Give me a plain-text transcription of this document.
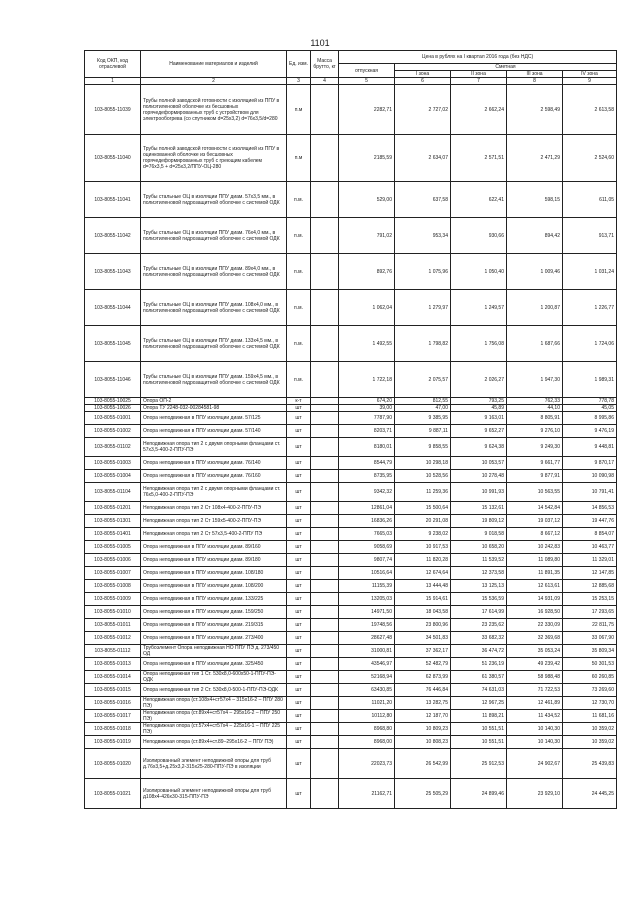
1101
Код ОКП, код отраслевой	Наименование материалов и изделий	Ед. изм.	Масса брутто, кг	Цена в рублях на I квартал 2016 года (без НДС)				
				отпускная	Сметная			
					I зона	II зона	III зона	IV зона
1	2	3	4	5	6	7	8	9
103-8055-11039	Трубы полной заводской готовности с изоляцией из ППУ в полиэтиленовой оболочке из бесшовных горячедеформированных труб с устройством для электрообогрева (со спутником d=25х3,2) d=76х3,5/d=280	п.м		2282,71	2 727,02	2 662,24	2 598,49	2 613,58
103-8055-11040	Трубы полной заводской готовности с изоляцией из ППУ в оцинкованной оболочке из бесшовных горячедеформированных труб с греющим кабелем d=76х3,5 + d=25х3,2/ППУ-ОЦ-280	п.м		2185,59	2 634,07	2 571,51	2 471,29	2 524,60
103-8055-11041	Трубы стальные ОЦ в изоляции ППУ диам. 57х3,5 мм., в полиэтиленовой гидрозащитной оболочке с системой ОДК	п.м.		529,00	637,58	622,41	598,15	611,05
103-8055-11042	Трубы стальные ОЦ в изоляции ППУ диам. 76х4,0 мм., в полиэтиленовой гидрозащитной оболочке с системой ОДК	п.м.		791,02	953,34	930,66	894,42	913,71
103-8055-11043	Трубы стальные ОЦ в изоляции ППУ диам. 89х4,0 мм., в полиэтиленовой гидрозащитной оболочке с системой ОДК	п.м.		892,76	1 075,96	1 050,40	1 009,46	1 031,24
103-8055-11044	Трубы стальные ОЦ в изоляции ППУ диам. 108х4,0 мм., в полиэтиленовой гидрозащитной оболочке с системой ОДК	п.м.		1 062,04	1 279,97	1 249,57	1 200,87	1 226,77
103-8055-11045	Трубы стальные ОЦ в изоляции ППУ диам. 133х4,5 мм., в полиэтиленовой гидрозащитной оболочке с системой ОДК	п.м.		1 492,55	1 798,82	1 756,08	1 687,66	1 724,06
103-8055-11046	Трубы стальные ОЦ в изоляции ППУ диам. 159х4,5 мм., в полиэтиленовой гидрозащитной оболочке с системой ОДК	п.м.		1 722,18	2 075,57	2 026,27	1 947,30	1 989,31
103-8055-10025	Опора ОП-2	к-т		674,20	812,55	793,25	762,33	778,78
103-8055-10026	Опора ТУ 2248-032-00284581-98	шт		39,00	47,00	45,89	44,10	45,05
103-8055-01001	Опора неподвижная в ППУ изоляции диам. 57/125	шт		7787,90	9 385,95	9 163,01	8 805,91	8 995,86
103-8055-01002	Опора неподвижная в ППУ изоляции диам. 57/140	шт		8203,71	9 887,11	9 652,27	9 276,10	9 476,19
103-8055-01102	Неподвижная опора тип 2 с двумя опорными фланцами ст. 57х3,5-400-2-ППУ-ПЭ	шт		8180,01	9 858,55	9 624,38	9 249,30	9 448,81
103-8055-01003	Опора неподвижная в ППУ изоляции диам. 76/140	шт		8544,79	10 298,18	10 053,57	9 661,77	9 870,17
103-8055-01004	Опора неподвижная в ППУ изоляции диам. 76/160	шт		8735,95	10 528,56	10 278,48	9 877,91	10 090,98
103-8055-01104	Неподвижная опора тип 2 с двумя опорными фланцами ст. 76х5,0-400-2-ППУ-ПЭ	шт		9342,32	11 259,36	10 991,93	10 563,55	10 791,41
103-8055-01201	Неподвижная опора тип 2 Ст 108х4-400-2-ППУ-ПЭ	шт		12861,04	15 500,64	15 132,61	14 542,84	14 856,53
103-8055-01301	Неподвижная опора тип 2 Ст 159х5-400-2-ППУ-ПЭ	шт		16836,26	20 291,08	19 809,12	19 037,12	19 447,76
103-8055-01401	Неподвижная опора тип 2 Ст 57х3,5-400-2-ППУ ПЭ	шт		7665,03	9 238,02	9 018,58	8 667,12	8 854,07
103-8055-01005	Опора неподвижная в ППУ изоляции диам. 89/160	шт		9058,69	10 917,53	10 658,20	10 242,83	10 463,77
103-8055-01006	Опора неподвижная в ППУ изоляции диам. 89/180	шт		9807,74	11 820,28	11 539,52	11 089,80	11 329,01
103-8055-01007	Опора неподвижная в ППУ изоляции диам. 108/180	шт		10516,64	12 674,64	12 373,58	11 891,35	12 147,85
103-8055-01008	Опора неподвижная в ППУ изоляции диам. 108/200	шт		11155,39	13 444,48	13 125,13	12 613,61	12 885,68
103-8055-01009	Опора неподвижная в ППУ изоляции диам. 133/225	шт		13205,03	15 914,61	15 536,59	14 931,09	15 253,15
103-8055-01010	Опора неподвижная в ППУ изоляции диам. 159/250	шт		14971,50	18 043,58	17 614,99	16 928,50	17 293,65
103-8055-01011	Опора неподвижная в ППУ изоляции диам. 219/315	шт		19748,56	23 800,96	23 235,62	22 330,09	22 811,75
103-8055-01012	Опора неподвижная в ППУ изоляции диам. 273/400	шт		28627,48	34 501,83	33 682,32	32 369,68	33 067,90
103-8055-01112	Трубоэлемент Опора неподвижная НО ППУ ПЭ д. 273/450 ОД	шт		31000,81	37 362,17	36 474,72	35 053,24	35 809,34
103-8055-01013	Опора неподвижная в ППУ изоляции диам. 325/450	шт		43546,97	52 482,79	51 236,19	49 239,42	50 301,53
103-8055-01014	Опора неподвижная тип 1 Ст. 530х8,0-600х50-1-ППУ-ПЭ-ОДК	шт		52168,94	62 873,99	61 380,57	58 988,48	60 260,85
103-8055-01015	Опора неподвижная тип 2 Ст. 530х8,0-500-1-ППУ-ПЭ-ОДК	шт		63430,85	76 446,84	74 631,03	71 722,53	73 269,60
103-8055-01016	Неподвижная опора (ст.108х4+ст57х4 – 315х16-2 – ППУ 280 ПЭ)	шт		11021,20	13 282,75	12 967,25	12 461,89	12 730,70
103-8055-01017	Неподвижная опора (ст.89х4+ст57х4 – 295х16-2 – ППУ 250 ПЭ)	шт		10112,80	12 187,70	11 898,21	11 434,52	11 681,16
103-8055-01018	Неподвижная опора (ст.57х4+ст57х4 – 225х16-1 – ППУ 225 ПЭ)	шт		8968,80	10 809,23	10 551,51	10 140,30	10 359,02
103-8055-01019	Неподвижная опора (ст.89х4+ст.89–295х16-2 – ППУ ПЭ)	шт		8968,00	10 808,23	10 551,51	10 140,30	10 359,02
103-8055-01020	Изолированный элемент неподвижной опоры для труб д.76х3,5+д.25х3,2-315х25-280-ППУ-ПЭ в изоляции	шт		22023,73	26 542,99	25 912,53	24 902,67	25 439,83
103-8055-01021	Изолированный элемент неподвижной опоры для труб д108х4-426х30-315-ППУ-ПЭ	шт		21162,71	25 505,29	24 899,46	23 929,10	24 445,25
